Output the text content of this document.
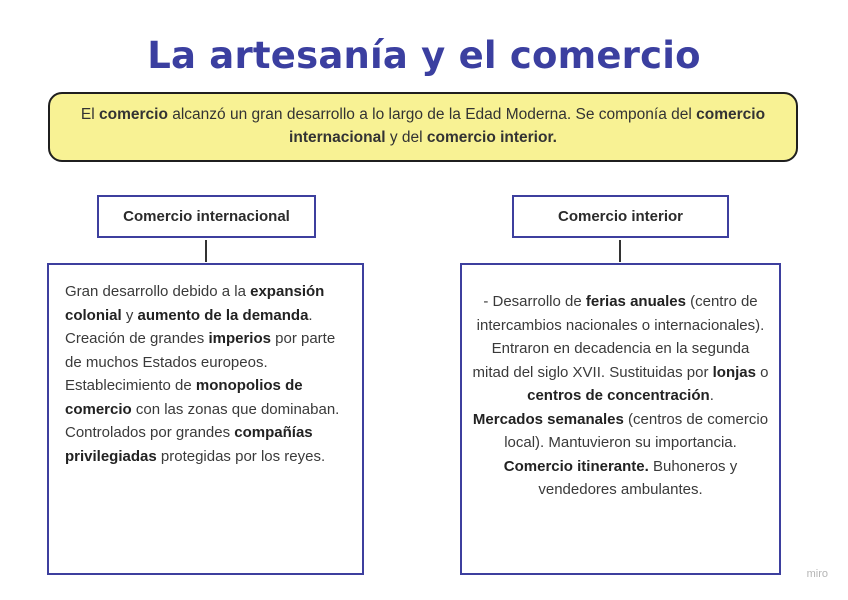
La artesanía y el comercio
El comercio alcanzó un gran desarrollo a lo largo de la Edad Moderna. Se componía del comercio internacional y del comercio interior.
Comercio internacional	Comercio interior

Gran desarrollo debido a la expansión colonial y aumento de la demanda.

Creación de grandes imperios por parte de muchos Estados europeos.

Establecimiento de monopolios de comercio con las zonas que dominaban. Controlados por grandes compañías privilegiadas protegidas por los reyes.

- Desarrollo de ferias anuales (centro de intercambios nacionales o internacionales). Entraron en decadencia en la segunda mitad del siglo XVII. Sustituidas por lonjas o centros de concentración.

Mercados semanales (centros de comercio local). Mantuvieron su importancia.

Comercio itinerante. Buhoneros y vendedores ambulantes.

miro
